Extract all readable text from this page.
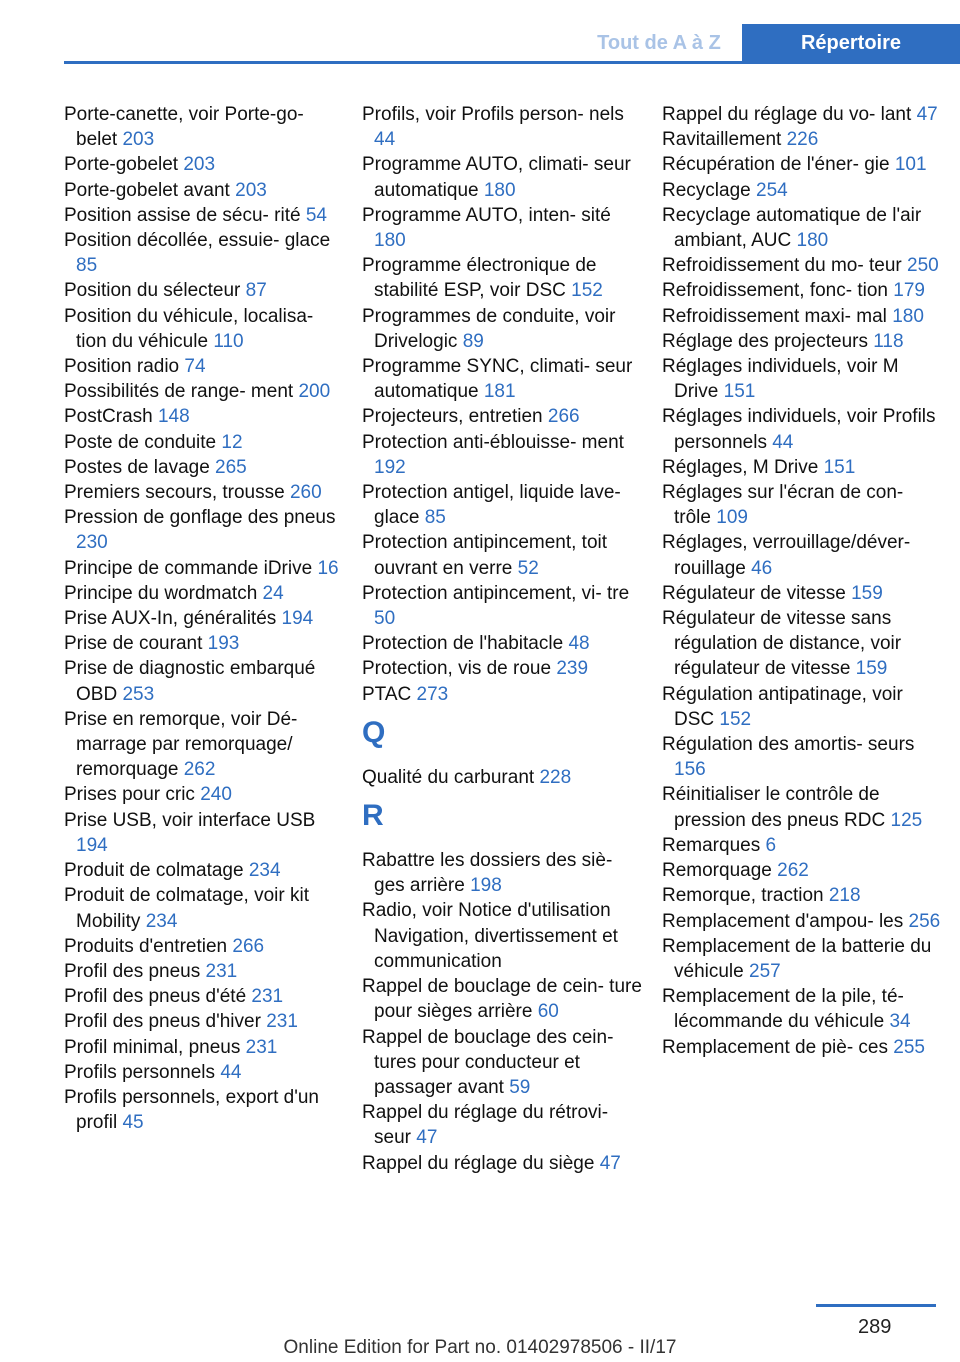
Tout de A à Z	Répertoire
Porte-canette, voir Porte-go- belet 203
Porte-gobelet 203
Porte-gobelet avant 203
Position assise de sécu- rité 54
Position décollée, essuie- glace 85
Position du sélecteur 87
Position du véhicule, localisa- tion du véhicule 110
Position radio 74
Possibilités de range- ment 200
PostCrash 148
Poste de conduite 12
Postes de lavage 265
Premiers secours, trousse 260
Pression de gonflage des pneus 230
Principe de commande iDrive 16
Principe du wordmatch 24
Prise AUX-In, généralités 194
Prise de courant 193
Prise de diagnostic embarqué OBD 253
Prise en remorque, voir Dé- marrage par remorquage/ remorquage 262
Prises pour cric 240
Prise USB, voir interface USB 194
Produit de colmatage 234
Produit de colmatage, voir kit Mobility 234
Produits d'entretien 266
Profil des pneus 231
Profil des pneus d'été 231
Profil des pneus d'hiver 231
Profil minimal, pneus 231
Profils personnels 44
Profils personnels, export d'un profil 45
Profils, voir Profils person- nels 44
Programme AUTO, climati- seur automatique 180
Programme AUTO, inten- sité 180
Programme électronique de stabilité ESP, voir DSC 152
Programmes de conduite, voir Drivelogic 89
Programme SYNC, climati- seur automatique 181
Projecteurs, entretien 266
Protection anti-éblouisse- ment 192
Protection antigel, liquide lave-glace 85
Protection antipincement, toit ouvrant en verre 52
Protection antipincement, vi- tre 50
Protection de l'habitacle 48
Protection, vis de roue 239
PTAC 273
Q
Qualité du carburant 228
R
Rabattre les dossiers des siè- ges arrière 198
Radio, voir Notice d'utilisation Navigation, divertissement et communication
Rappel de bouclage de cein- ture pour sièges arrière 60
Rappel de bouclage des cein- tures pour conducteur et passager avant 59
Rappel du réglage du rétrovi- seur 47
Rappel du réglage du siège 47
Rappel du réglage du vo- lant 47
Ravitaillement 226
Récupération de l'éner- gie 101
Recyclage 254
Recyclage automatique de l'air ambiant, AUC 180
Refroidissement du mo- teur 250
Refroidissement, fonc- tion 179
Refroidissement maxi- mal 180
Réglage des projecteurs 118
Réglages individuels, voir M Drive 151
Réglages individuels, voir Profils personnels 44
Réglages, M Drive 151
Réglages sur l'écran de con- trôle 109
Réglages, verrouillage/déver- rouillage 46
Régulateur de vitesse 159
Régulateur de vitesse sans régulation de distance, voir régulateur de vitesse 159
Régulation antipatinage, voir DSC 152
Régulation des amortis- seurs 156
Réinitialiser le contrôle de pression des pneus RDC 125
Remarques 6
Remorquage 262
Remorque, traction 218
Remplacement d'ampou- les 256
Remplacement de la batterie du véhicule 257
Remplacement de la pile, té- lécommande du véhicule 34
Remplacement de piè- ces 255
289
Online Edition for Part no. 01402978506 - II/17
